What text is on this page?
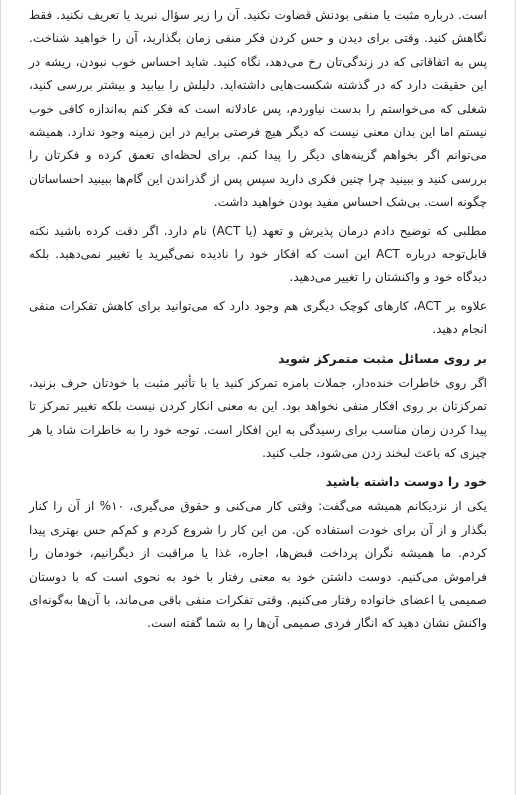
است. درباره مثبت یا منفی بودنش قضاوت نکنید. آن را زیر سؤال نبرید یا تعریف نکنید. فقط نگاهش کنید. وقتی برای دیدن و حس کردن فکر منفی زمان بگذارید، آن را خواهید شناخت. پس به اتفاقاتی که در زندگی‌تان رخ می‌دهد، نگاه کنید. شاید احساس خوب نبودن، ریشه در این حقیقت دارد که در گذشته شکست‌هایی داشته‌اید. دلیلش را بیابید و بیشتر بررسی کنید، شغلی که می‌خواستم را بدست نیاوردم، پس عادلانه است که فکر کنم به‌اندازه کافی خوب نیستم اما این بدان معنی نیست که دیگر هیچ فرصتی برایم در این زمینه وجود ندارد. همیشه می‌توانم اگر بخواهم گزینه‌های دیگر را پیدا کنم. برای لحظه‌ای تعمق کرده و فکرتان را بررسی کنید و ببینید چرا چنین فکری دارید سپس پس از گذراندن این گام‌ها ببینید احساساتان چگونه است. بی‌شک احساس مفید بودن خواهید داشت.

مطلبی که توضیح دادم درمان پذیرش و تعهد (یا ACT) نام دارد. اگر دقت کرده باشید نکته قابل‌توجه درباره ACT این است که افکار خود را نادیده نمی‌گیرید یا تغییر نمی‌دهید. بلکه دیدگاه خود و واکنشتان را تغییر می‌دهید.

علاوه بر ACT، کارهای کوچک دیگری هم وجود دارد که می‌توانید برای کاهش تفکرات منفی انجام دهید.

بر روی مسائل مثبت متمرکز شوید

اگر روی خاطرات خنده‌دار، جملات بامزه تمرکز کنید یا با تأثیر مثبت با خودتان حرف بزنید، تمرکزتان بر روی افکار منفی نخواهد بود. این به معنی انکار کردن نیست بلکه تغییر تمرکز تا پیدا کردن زمان مناسب برای رسیدگی به این افکار است. توجه خود را به خاطرات شاد یا هر چیزی که باعث لبخند زدن می‌شود، جلب کنید.

خود را دوست داشته باشید

یکی از نزدیکانم همیشه می‌گفت: وقتی کار می‌کنی و حقوق می‌گیری، ۱۰% از آن را کنار بگذار و از آن برای خودت استفاده کن. من این کار را شروع کردم و کم‌کم حس بهتری پیدا کردم. ما همیشه نگران پرداخت قبض‌ها، اجاره، غذا یا مراقبت از دیگرانیم، خودمان را فراموش می‌کنیم. دوست داشتن خود به معنی رفتار با خود به نحوی است که با دوستان صمیمی یا اعضای خانواده رفتار می‌کنیم. وقتی تفکرات منفی باقی می‌ماند، با آن‌ها به‌گونه‌ای واکنش نشان دهید که انگار فردی صمیمی آن‌ها را به شما گفته است.
